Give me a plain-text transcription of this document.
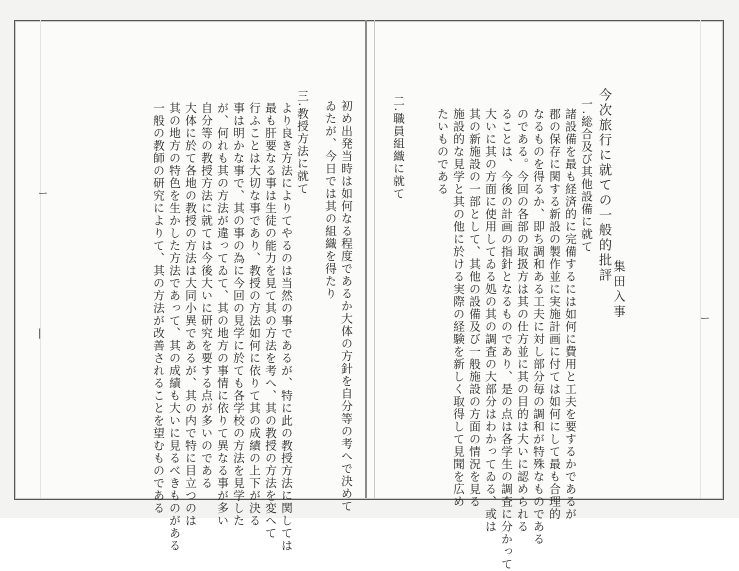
ー
|
ー
今次旅行に就ての一般的批評
集田入事
一.総合及び其他設備に就て
諸設備を最も経済的に完備するには如何に費用と工夫を要するかであるが
郡の保存に関する新設の製作並に実施計画に付ては如何にして最も合理的
なるものを得るか、即ち調和ある工夫に対し部分毎の調和が特殊なものである
のである。今回の各部の取扱方は其の仕方並に其の目的は大いに認められる
ることは、今後の計画の指針となるものであり、是の点は各学生の調査に分かって
大いに其の方面に使用してゐる処の其の調査の大部分はわかってゐる、或は
其の新施設の一部として、其他の設備及び一般施設の方面の情況を見る
施設的な見学と其の他に於ける実際の経験を新しく取得して見聞を広め
たいものである
二.職員組織に就て
初め出発当時は如何なる程度であるか大体の方針を自分等の考へで決めて
ゐたが、今日では其の組織を得たり
三.教授方法に就て
より良き方法によりてやるのは当然の事であるが、特に此の教授方法に関しては
最も肝要なる事は生徒の能力を見て其の方法を考へ、其の教授の方法を変へて
行ふことは大切な事であり、教授の方法如何に依りて其の成績の上下が決る
事は明かな事で、其の事の為に今回の見学に於ても各学校の方法を見学した
が、何れも其の方法が違ってゐて、其の地方の事情に依りて異なる事が多い
自分等の教授方法に就ては今後大いに研究を要する点が多いのである
大体に於て各地の教授の方法は大同小異であるが、其の内で特に目立つのは
其の地方の特色を生かした方法であって、其の成績も大いに見るべきものがある
一般の教師の研究によりて、其の方法が改善されることを望むものである
